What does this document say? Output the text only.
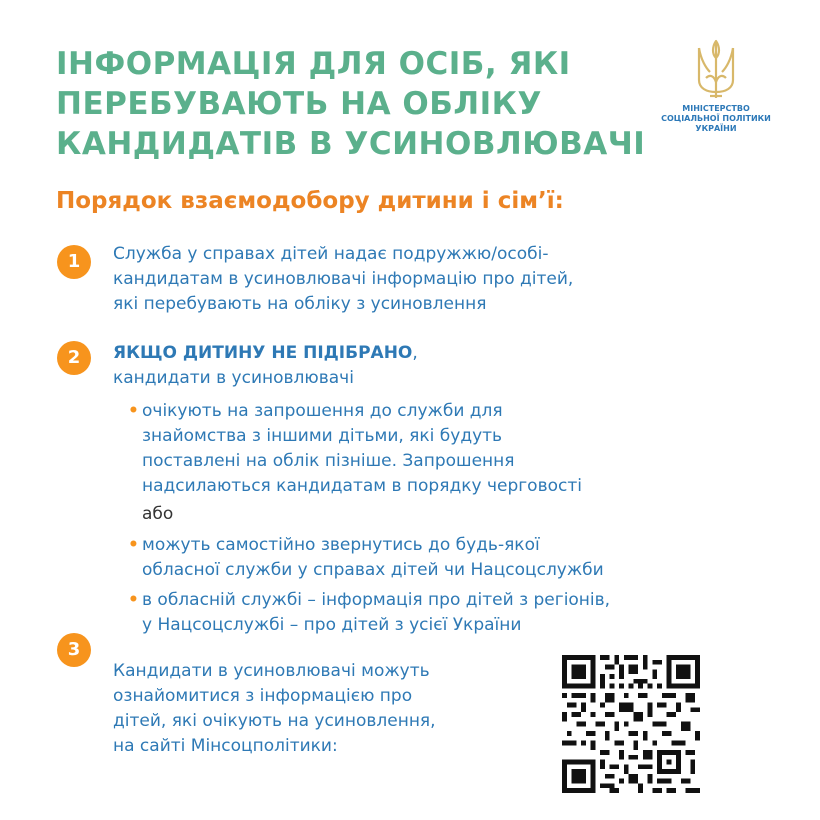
ІНФОРМАЦІЯ ДЛЯ ОСІБ, ЯКІ
ПЕРЕБУВАЮТЬ НА ОБЛІКУ
КАНДИДАТІВ В УСИНОВЛЮВАЧІ
МІНІСТЕРСТВО
СОЦІАЛЬНОЇ ПОЛІТИКИ
УКРАЇНИ
Порядок взаємодобору дитини і сім’ї:
1	Служба у справах дітей надає подружжю/особі-
кандидатам в усиновлювачі інформацію про дітей,
які перебувають на обліку з усиновлення

2	ЯКЩО ДИТИНУ НЕ ПІДІБРАНО,
кандидати в усиновлювачі

• очікують на запрошення до служби для
знайомства з іншими дітьми, які будуть
поставлені на облік пізніше. Запрошення
надсилаються кандидатам в порядку черговості
або
• можуть самостійно звернутись до будь-якої
обласної служби у справах дітей чи Нацсоцслужби
• в обласній службі – інформація про дітей з регіонів,
у Нацсоцслужбі – про дітей з усієї України
3

Кандидати в усиновлювачі можуть
ознайомитися з інформацією про
дітей, які очікують на усиновлення,
на сайті Мінсоцполітики:
